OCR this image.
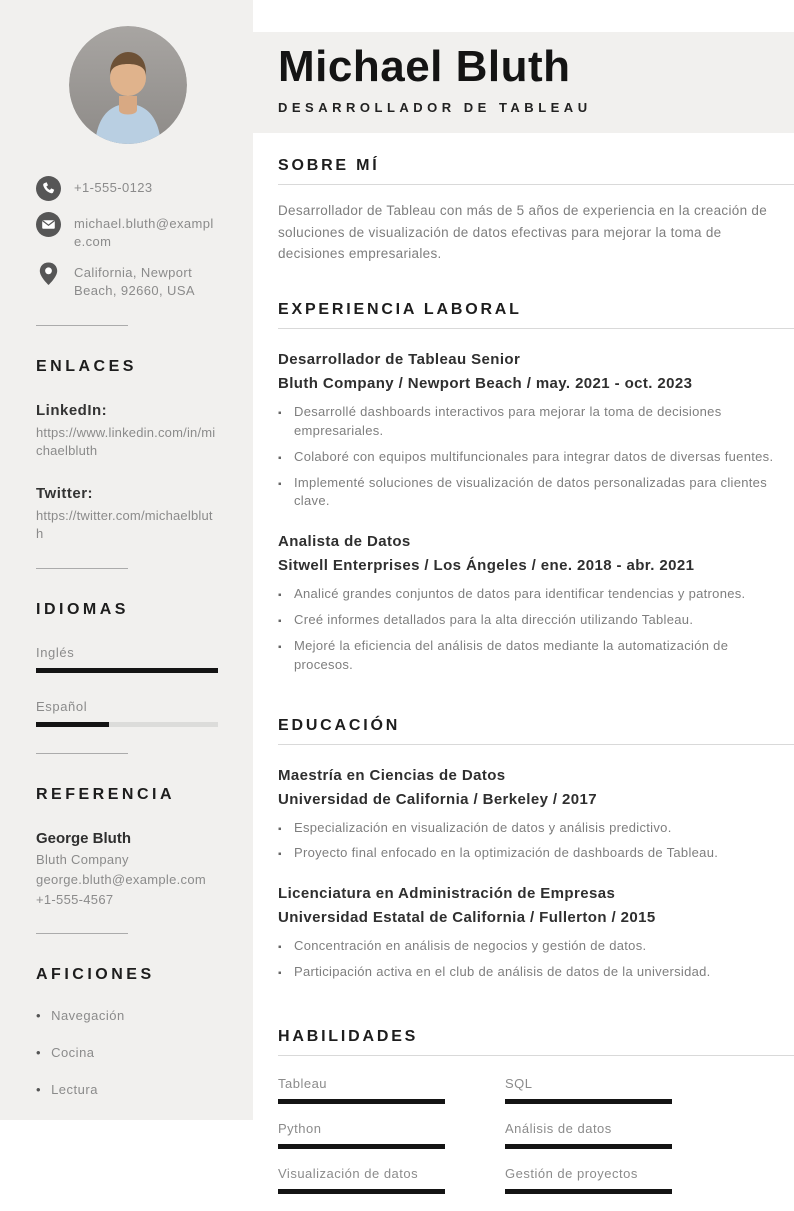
+1-555-0123
michael.bluth@example.com
California, Newport Beach, 92660, USA
ENLACES
LinkedIn:
https://www.linkedin.com/in/michaelbluth
Twitter:
https://twitter.com/michaelbluth
IDIOMAS
Inglés
Español
REFERENCIA
George Bluth
Bluth Company
george.bluth@example.com
+1-555-4567
AFICIONES
• Navegación
• Cocina
• Lectura
Michael Bluth
DESARROLLADOR DE TABLEAU
SOBRE MÍ

Desarrollador de Tableau con más de 5 años de experiencia en la creación de soluciones de visualización de datos efectivas para mejorar la toma de decisiones empresariales.

EXPERIENCIA LABORAL
Desarrollador de Tableau Senior
Bluth Company / Newport Beach / may. 2021 - oct. 2023
▪ Desarrollé dashboards interactivos para mejorar la toma de decisiones empresariales.
▪ Colaboré con equipos multifuncionales para integrar datos de diversas fuentes.
▪ Implementé soluciones de visualización de datos personalizadas para clientes clave.
Analista de Datos
Sitwell Enterprises / Los Ángeles / ene. 2018 - abr. 2021
▪ Analicé grandes conjuntos de datos para identificar tendencias y patrones.
▪ Creé informes detallados para la alta dirección utilizando Tableau.
▪ Mejoré la eficiencia del análisis de datos mediante la automatización de procesos.
EDUCACIÓN
Maestría en Ciencias de Datos
Universidad de California / Berkeley / 2017
▪ Especialización en visualización de datos y análisis predictivo.
▪ Proyecto final enfocado en la optimización de dashboards de Tableau.
Licenciatura en Administración de Empresas
Universidad Estatal de California / Fullerton / 2015
▪ Concentración en análisis de negocios y gestión de datos.
▪ Participación activa en el club de análisis de datos de la universidad.
HABILIDADES
Tableau
Python
Visualización de datos
SQL
Análisis de datos
Gestión de proyectos
